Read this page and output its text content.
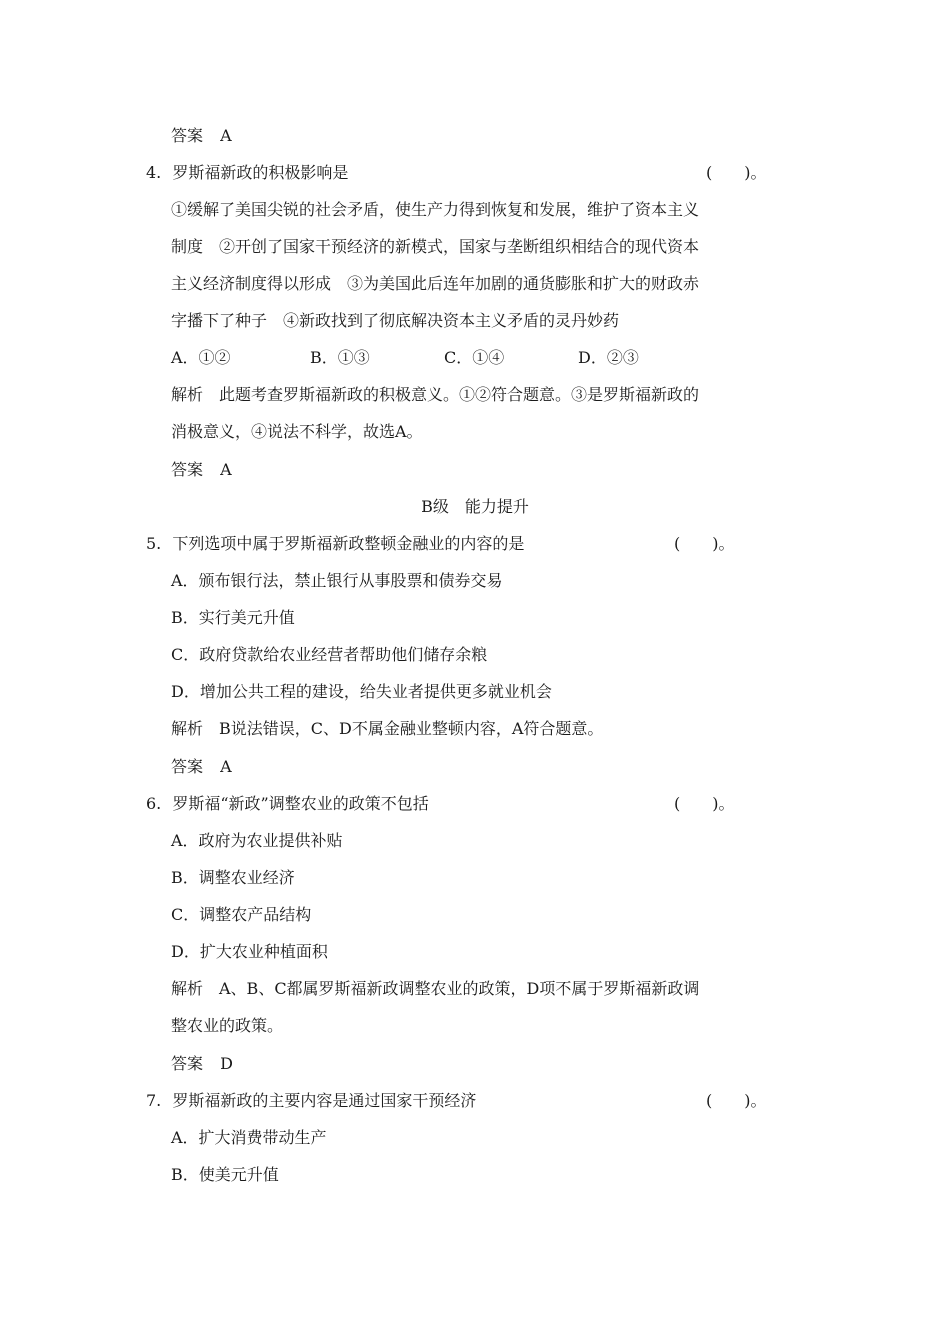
答案 A
4. 罗斯福新政的积极影响是	(　　)。
①缓解了美国尖锐的社会矛盾，使生产力得到恢复和发展，维护了资本主义
制度　②开创了国家干预经济的新模式，国家与垄断组织相结合的现代资本
主义经济制度得以形成　③为美国此后连年加剧的通货膨胀和扩大的财政赤
字播下了种子　④新政找到了彻底解决资本主义矛盾的灵丹妙药
A．①②	B．①③	C．①④	D．②③
解析　此题考查罗斯福新政的积极意义。①②符合题意。③是罗斯福新政的
消极意义，④说法不科学，故选A。
答案 A
B级　能力提升
5. 下列选项中属于罗斯福新政整顿金融业的内容的是	(　　)。
A．颁布银行法，禁止银行从事股票和债券交易
B．实行美元升值
C．政府贷款给农业经营者帮助他们储存余粮
D．增加公共工程的建设，给失业者提供更多就业机会
解析　B说法错误，C、D不属金融业整顿内容，A符合题意。
答案 A
6. 罗斯福“新政”调整农业的政策不包括	(　　)。
A．政府为农业提供补贴
B．调整农业经济
C．调整农产品结构
D．扩大农业种植面积
解析　A、B、C都属罗斯福新政调整农业的政策，D项不属于罗斯福新政调
整农业的政策。
答案 D
7. 罗斯福新政的主要内容是通过国家干预经济	(　　)。
A．扩大消费带动生产
B．使美元升值
